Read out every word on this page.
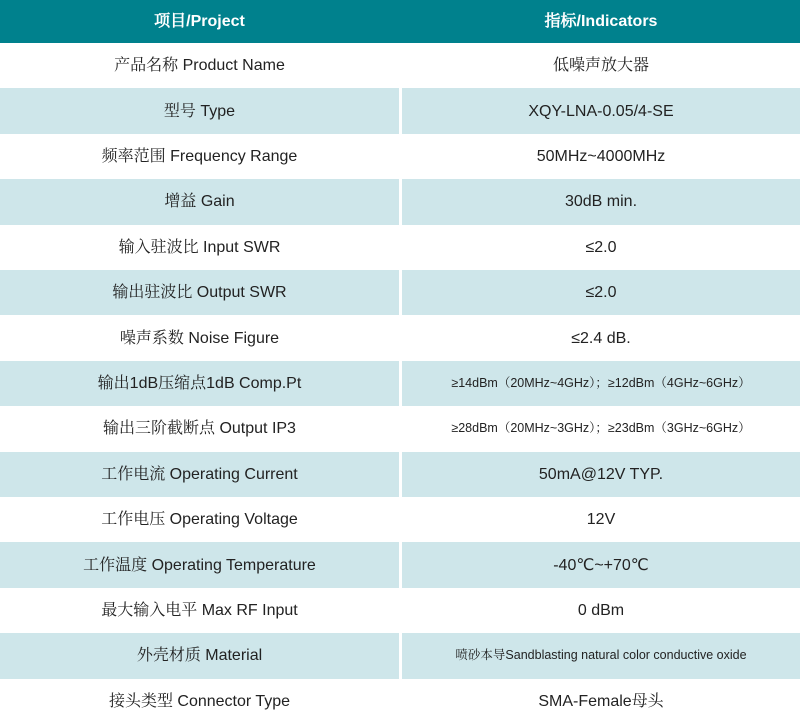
项目/Project	指标/Indicators
产品名称 Product Name	低噪声放大器
型号 Type	XQY-LNA-0.05/4-SE
频率范围 Frequency Range	50MHz~4000MHz
增益 Gain	30dB min.
输入驻波比 Input SWR	≤2.0
输出驻波比 Output SWR	≤2.0
噪声系数 Noise Figure	≤2.4 dB.
输出1dB压缩点1dB Comp.Pt	≥14dBm（20MHz~4GHz）；≥12dBm（4GHz~6GHz）
输出三阶截断点 Output IP3	≥28dBm（20MHz~3GHz）；≥23dBm（3GHz~6GHz）
工作电流 Operating Current	50mA@12V TYP.
工作电压 Operating Voltage	12V
工作温度 Operating Temperature	-40℃~+70℃
最大输入电平 Max RF Input	0 dBm
外壳材质 Material	喷砂本导Sandblasting natural color conductive oxide
接头类型 Connector Type	SMA-Female母头
